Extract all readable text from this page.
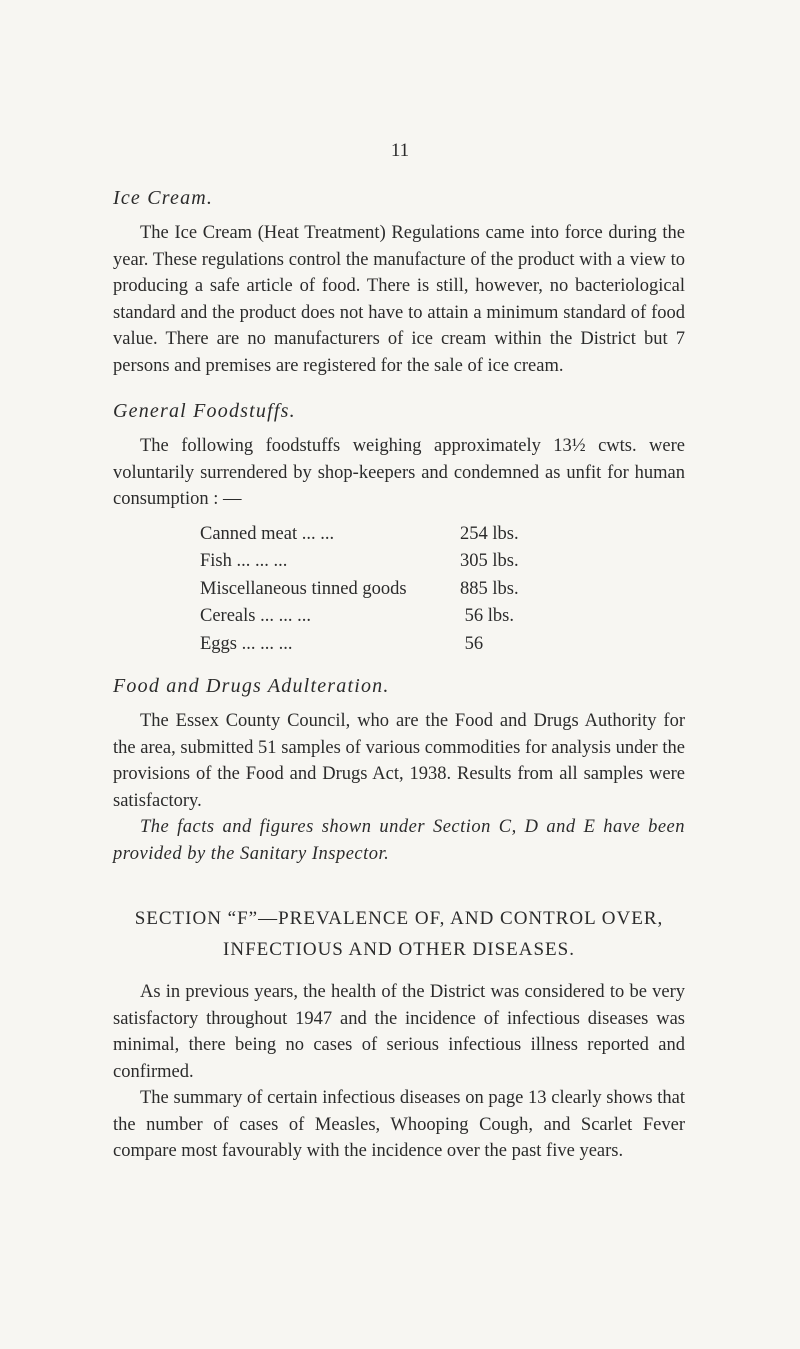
11

Ice Cream.

The Ice Cream (Heat Treatment) Regulations came into force during the year. These regulations control the manufacture of the product with a view to producing a safe article of food. There is still, however, no bacteriological standard and the product does not have to attain a minimum standard of food value. There are no manufacturers of ice cream within the District but 7 persons and premises are registered for the sale of ice cream.

General Foodstuffs.

The following foodstuffs weighing approximately 13½ cwts. were voluntarily surrendered by shop-keepers and condemned as unfit for human consumption : —

Canned meat ... ...	254 lbs.
Fish ... ... ...	305 lbs.
Miscellaneous tinned goods	885 lbs.
Cereals ... ... ...	56 lbs.
Eggs ... ... ...	56

Food and Drugs Adulteration.

The Essex County Council, who are the Food and Drugs Authority for the area, submitted 51 samples of various commodities for analysis under the provisions of the Food and Drugs Act, 1938. Results from all samples were satisfactory.

The facts and figures shown under Section C, D and E have been provided by the Sanitary Inspector.

SECTION “F”—PREVALENCE OF, AND CONTROL OVER,

INFECTIOUS AND OTHER DISEASES.

As in previous years, the health of the District was considered to be very satisfactory throughout 1947 and the incidence of infectious diseases was minimal, there being no cases of serious infectious illness reported and confirmed.

The summary of certain infectious diseases on page 13 clearly shows that the number of cases of Measles, Whooping Cough, and Scarlet Fever compare most favourably with the incidence over the past five years.
